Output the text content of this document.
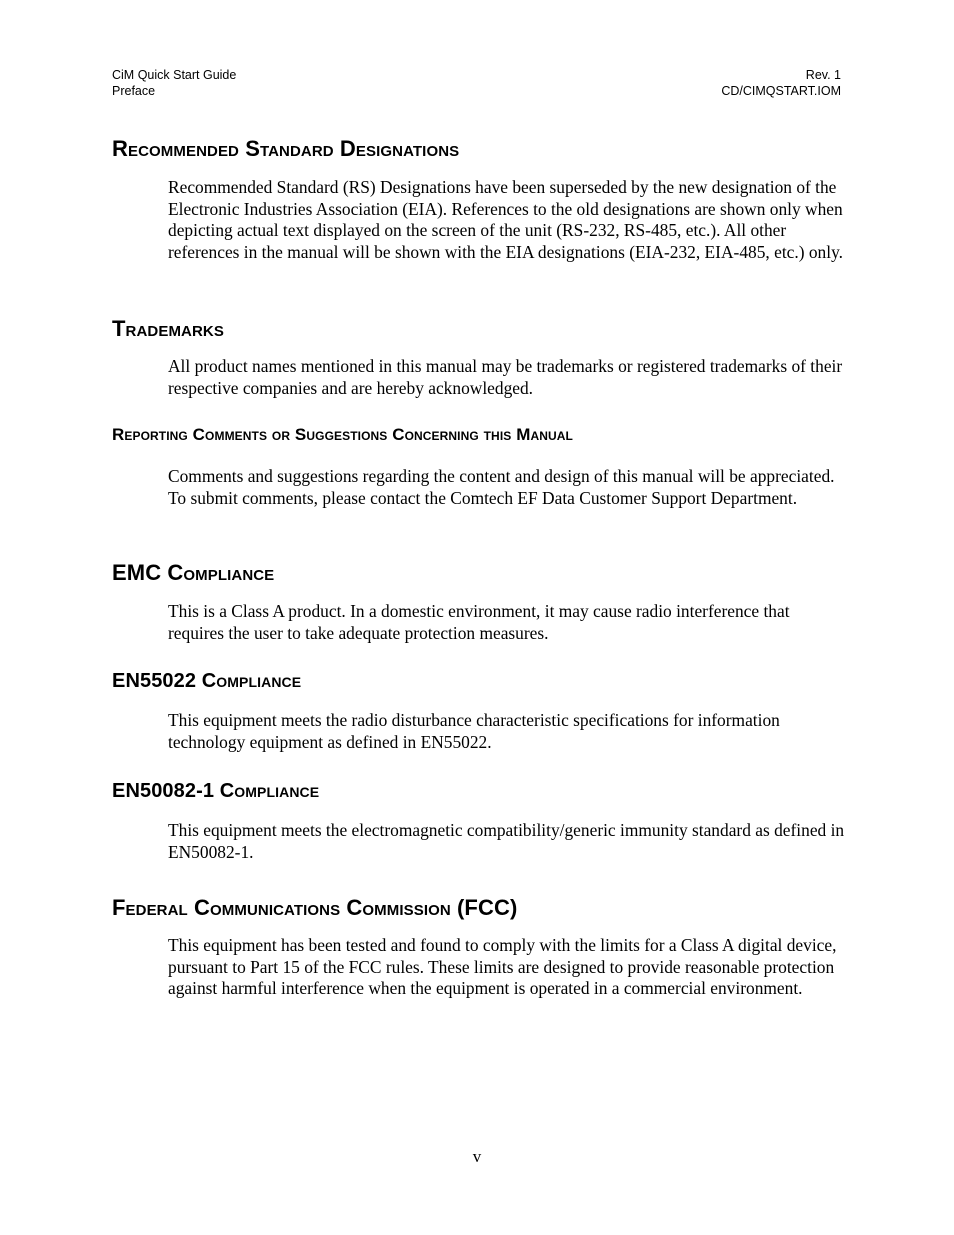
CiM Quick Start Guide
Preface
Rev. 1
CD/CIMQSTART.IOM
Recommended Standard Designations
Recommended Standard (RS) Designations have been superseded by the new designation of the Electronic Industries Association (EIA). References to the old designations are shown only when depicting actual text displayed on the screen of the unit (RS-232, RS-485, etc.). All other references in the manual will be shown with the EIA designations (EIA-232, EIA-485, etc.) only.
Trademarks
All product names mentioned in this manual may be trademarks or registered trademarks of their respective companies and are hereby acknowledged.
Reporting Comments or Suggestions Concerning this Manual
Comments and suggestions regarding the content and design of this manual will be appreciated. To submit comments, please contact the Comtech EF Data Customer Support Department.
EMC Compliance
This is a Class A product. In a domestic environment, it may cause radio interference that requires the user to take adequate protection measures.
EN55022 Compliance
This equipment meets the radio disturbance characteristic specifications for information technology equipment as defined in EN55022.
EN50082-1 Compliance
This equipment meets the electromagnetic compatibility/generic immunity standard as defined in EN50082-1.
Federal Communications Commission (FCC)
This equipment has been tested and found to comply with the limits for a Class A digital device, pursuant to Part 15 of the FCC rules. These limits are designed to provide reasonable protection against harmful interference when the equipment is operated in a commercial environment.
v
